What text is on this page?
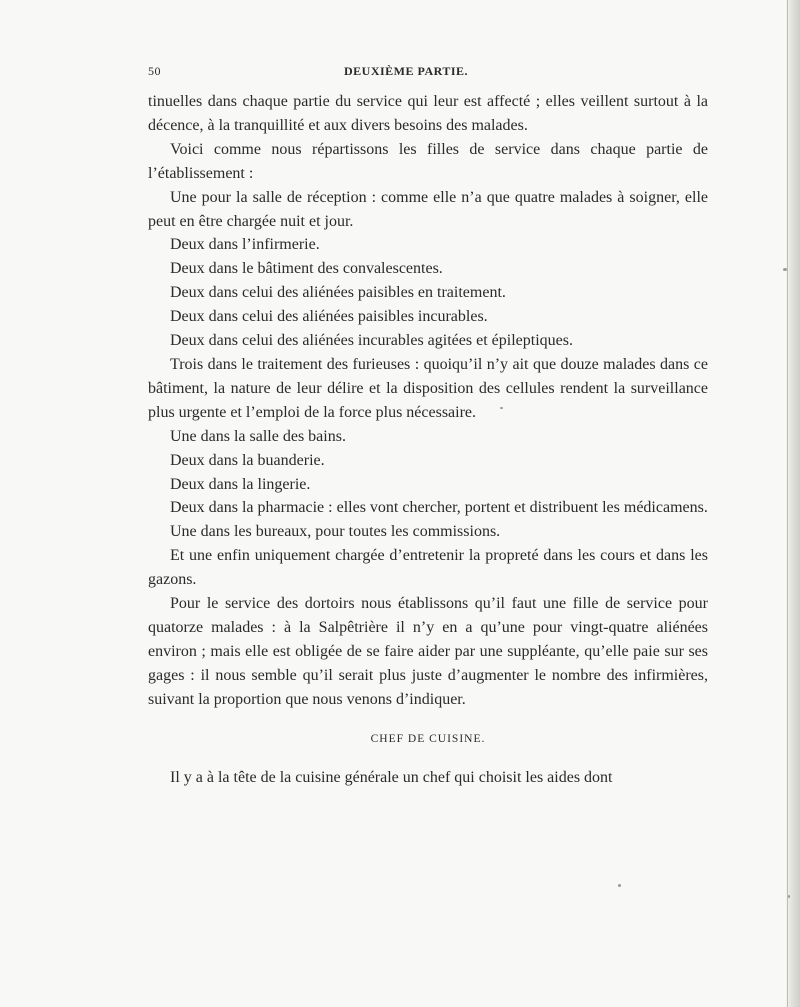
50	DEUXIÈME PARTIE.

tinuelles dans chaque partie du service qui leur est affecté ; elles veillent surtout à la décence, à la tranquillité et aux divers besoins des malades.

Voici comme nous répartissons les filles de service dans chaque partie de l’établissement :

Une pour la salle de réception : comme elle n’a que quatre malades à soigner, elle peut en être chargée nuit et jour.

Deux dans l’infirmerie.

Deux dans le bâtiment des convalescentes.

Deux dans celui des aliénées paisibles en traitement.

Deux dans celui des aliénées paisibles incurables.

Deux dans celui des aliénées incurables agitées et épileptiques.

Trois dans le traitement des furieuses : quoiqu’il n’y ait que douze malades dans ce bâtiment, la nature de leur délire et la disposition des cellules rendent la surveillance plus urgente et l’emploi de la force plus nécessaire.

Une dans la salle des bains.

Deux dans la buanderie.

Deux dans la lingerie.

Deux dans la pharmacie : elles vont chercher, portent et distribuent les médicamens.

Une dans les bureaux, pour toutes les commissions.

Et une enfin uniquement chargée d’entretenir la propreté dans les cours et dans les gazons.

Pour le service des dortoirs nous établissons qu’il faut une fille de service pour quatorze malades : à la Salpêtrière il n’y en a qu’une pour vingt-quatre aliénées environ ; mais elle est obligée de se faire aider par une suppléante, qu’elle paie sur ses gages : il nous semble qu’il serait plus juste d’augmenter le nombre des infirmières, suivant la proportion que nous venons d’indiquer.

CHEF DE CUISINE.

Il y a à la tête de la cuisine générale un chef qui choisit les aides dont
